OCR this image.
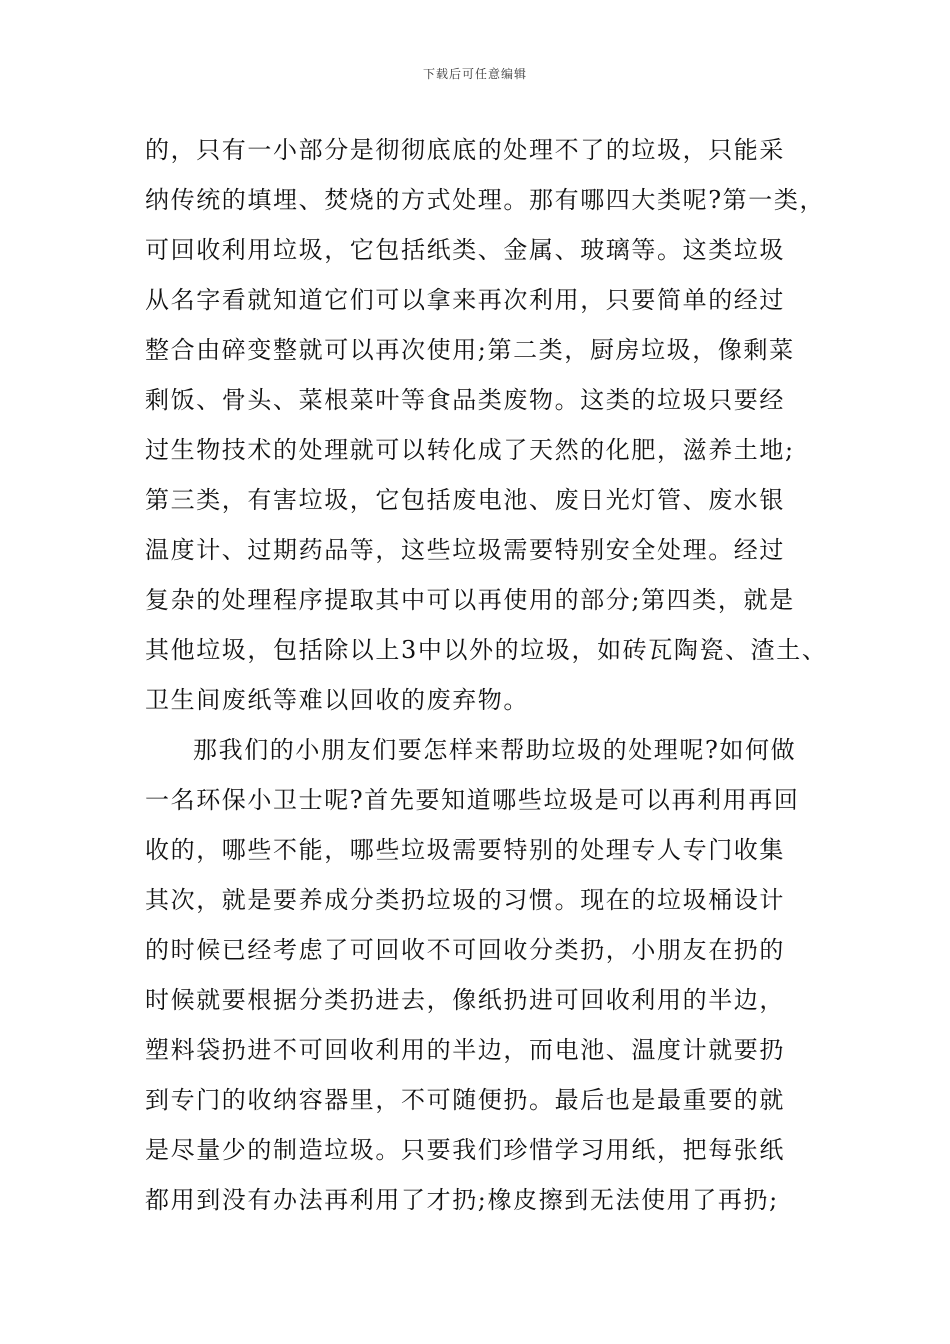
下载后可任意编辑
的，只有一小部分是彻彻底底的处理不了的垃圾，只能采
纳传统的填埋、焚烧的方式处理。那有哪四大类呢?第一类，
可回收利用垃圾，它包括纸类、金属、玻璃等。这类垃圾
从名字看就知道它们可以拿来再次利用，只要简单的经过
整合由碎变整就可以再次使用;第二类，厨房垃圾，像剩菜
剩饭、骨头、菜根菜叶等食品类废物。这类的垃圾只要经
过生物技术的处理就可以转化成了天然的化肥，滋养土地;
第三类，有害垃圾，它包括废电池、废日光灯管、废水银
温度计、过期药品等，这些垃圾需要特别安全处理。经过
复杂的处理程序提取其中可以再使用的部分;第四类，就是
其他垃圾，包括除以上3中以外的垃圾，如砖瓦陶瓷、渣土、
卫生间废纸等难以回收的废弃物。
那我们的小朋友们要怎样来帮助垃圾的处理呢?如何做
一名环保小卫士呢?首先要知道哪些垃圾是可以再利用再回
收的，哪些不能，哪些垃圾需要特别的处理专人专门收集
其次，就是要养成分类扔垃圾的习惯。现在的垃圾桶设计
的时候已经考虑了可回收不可回收分类扔，小朋友在扔的
时候就要根据分类扔进去，像纸扔进可回收利用的半边，
塑料袋扔进不可回收利用的半边，而电池、温度计就要扔
到专门的收纳容器里，不可随便扔。最后也是最重要的就
是尽量少的制造垃圾。只要我们珍惜学习用纸，把每张纸
都用到没有办法再利用了才扔;橡皮擦到无法使用了再扔;
